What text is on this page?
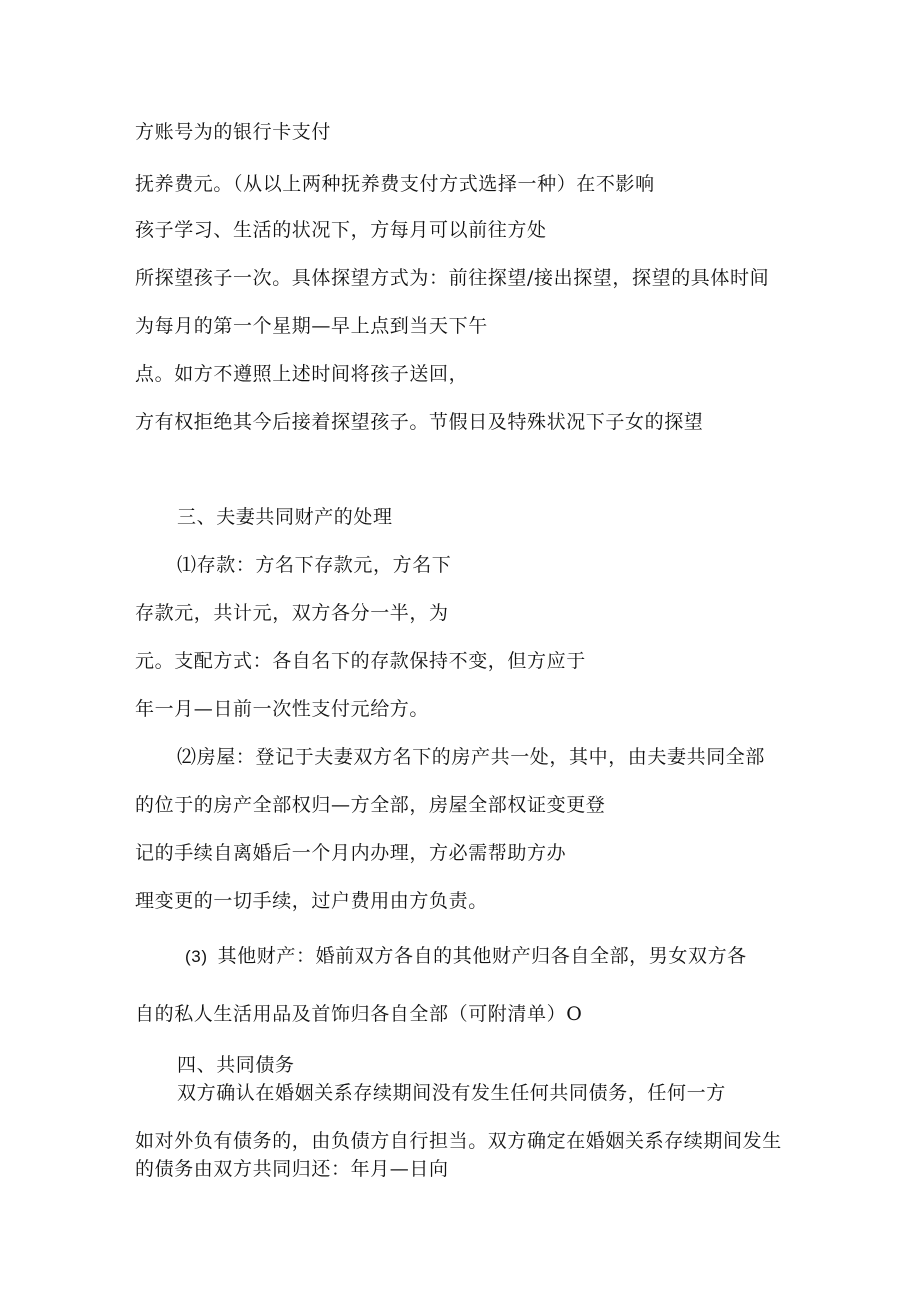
方账号为的银行卡支付
抚养费元。（从以上两种抚养费支付方式选择一种）在不影响
孩子学习、生活的状况下，方每月可以前往方处
所探望孩子一次。具体探望方式为：前往探望/接出探望，探望的具体时间
为每月的第一个星期—早上点到当天下午
点。如方不遵照上述时间将孩子送回，
方有权拒绝其今后接着探望孩子。节假日及特殊状况下子女的探望
三、夫妻共同财产的处理
⑴存款：方名下存款元，方名下
存款元，共计元，双方各分一半，为
元。支配方式：各自名下的存款保持不变，但方应于
年一月—日前一次性支付元给方。
⑵房屋：登记于夫妻双方名下的房产共一处，其中，由夫妻共同全部
的位于的房产全部权归—方全部，房屋全部权证变更登
记的手续自离婚后一个月内办理，方必需帮助方办
理变更的一切手续，过户费用由方负责。
(3) 其他财产：婚前双方各自的其他财产归各自全部，男女双方各
自的私人生活用品及首饰归各自全部（可附清单）O
四、共同债务
双方确认在婚姻关系存续期间没有发生任何共同债务，任何一方
如对外负有债务的，由负债方自行担当。双方确定在婚姻关系存续期间发生
的债务由双方共同归还：年月—日向
